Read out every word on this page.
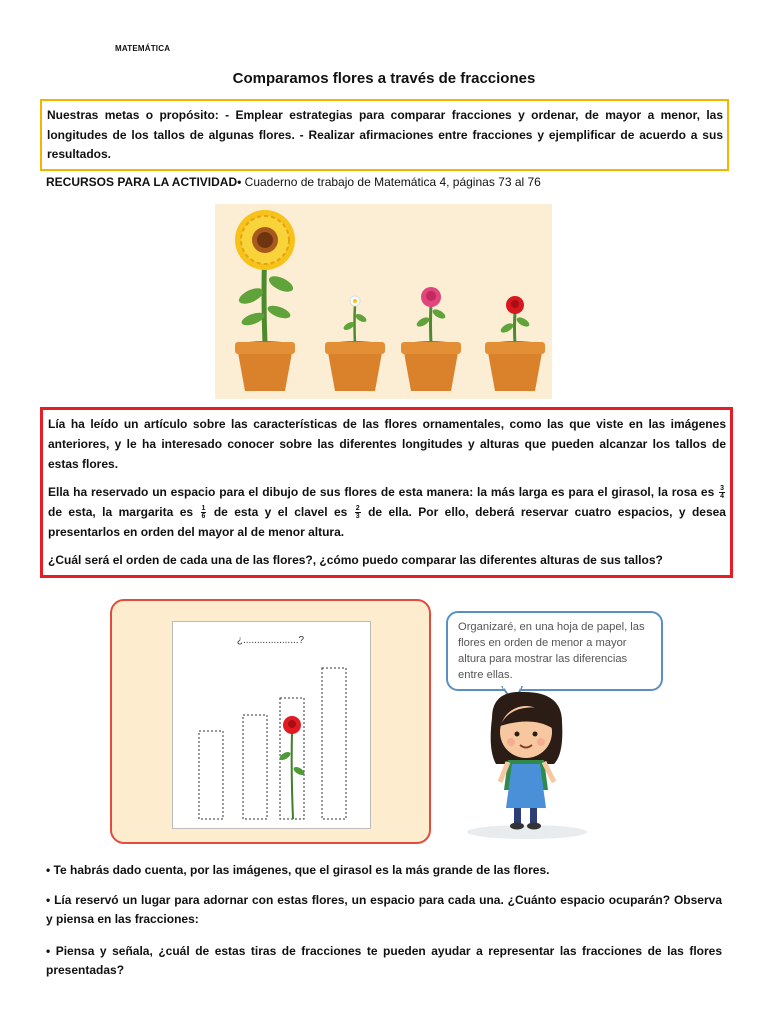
MATEMÁTICA
Comparamos flores a través de fracciones
Nuestras metas o propósito: - Emplear estrategias para comparar fracciones y ordenar, de mayor a menor, las longitudes de los tallos de algunas flores. - Realizar afirmaciones entre fracciones y ejemplificar de acuerdo a sus resultados.
RECURSOS PARA LA ACTIVIDAD• Cuaderno de trabajo de Matemática 4, páginas 73 al 76

Lía ha leído un artículo sobre las características de las flores ornamentales, como las que viste en las imágenes anteriores, y le ha interesado conocer sobre las diferentes longitudes y alturas que pueden alcanzar los tallos de estas flores.

Ella ha reservado un espacio para el dibujo de sus flores de esta manera: la más larga es para el girasol, la rosa es $\frac{3}{4}$
de esta, la margarita es $\frac{1}{6}$ de esta y el clavel es $\frac{2}{3}$ de ella. Por ello, deberá reservar cuatro espacios, y desea presentarlos en orden del mayor al de menor altura.

¿Cuál será el orden de cada una de las flores?, ¿cómo puedo comparar las diferentes alturas de sus tallos?

¿....................?
Organizaré, en una hoja de papel, las flores en orden de menor a mayor altura para mostrar las diferencias entre ellas.
• Te habrás dado cuenta, por las imágenes, que el girasol es la más grande de las flores.
• Lía reservó un lugar para adornar con estas flores, un espacio para cada una. ¿Cuánto espacio ocuparán? Observa y piensa en las fracciones:
• Piensa y señala, ¿cuál de estas tiras de fracciones te pueden ayudar a representar las fracciones de las flores presentadas?
